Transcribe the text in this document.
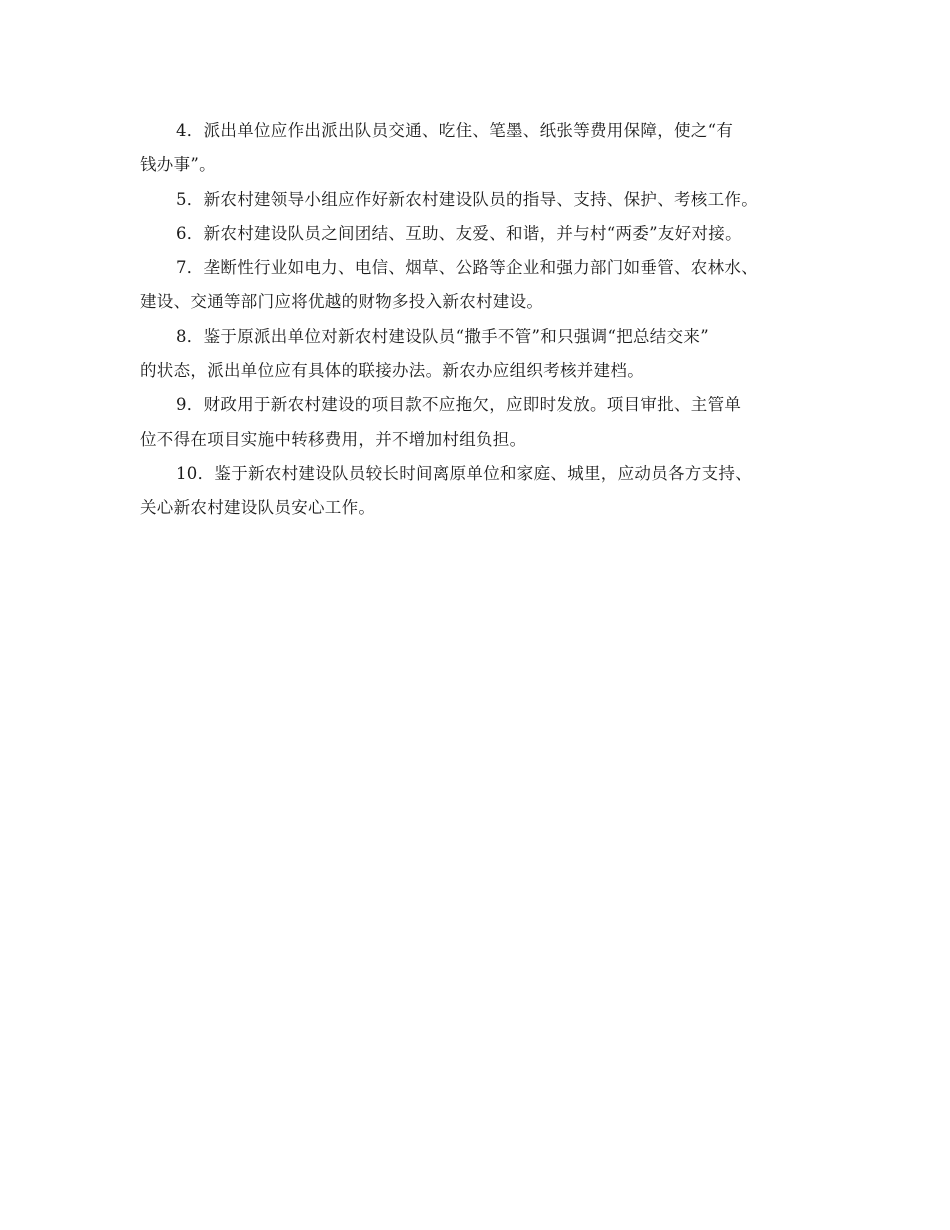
4．派出单位应作出派出队员交通、吃住、笔墨、纸张等费用保障，使之“有
钱办事”。
5．新农村建领导小组应作好新农村建设队员的指导、支持、保护、考核工作。
6．新农村建设队员之间团结、互助、友爱、和谐，并与村“两委”友好对接。
7．垄断性行业如电力、电信、烟草、公路等企业和强力部门如垂管、农林水、
建设、交通等部门应将优越的财物多投入新农村建设。
8．鉴于原派出单位对新农村建设队员“撒手不管”和只强调“把总结交来”
的状态，派出单位应有具体的联接办法。新农办应组织考核并建档。
9．财政用于新农村建设的项目款不应拖欠，应即时发放。项目审批、主管单
位不得在项目实施中转移费用，并不增加村组负担。
10．鉴于新农村建设队员较长时间离原单位和家庭、城里，应动员各方支持、
关心新农村建设队员安心工作。
